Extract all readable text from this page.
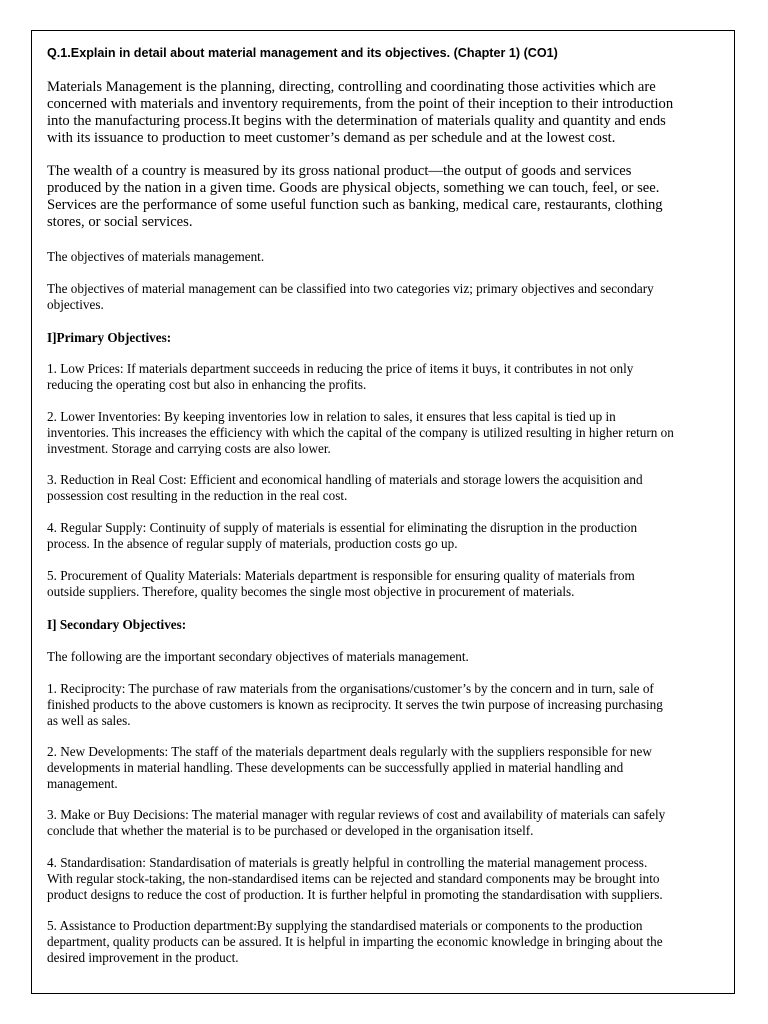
Q.1.Explain in detail about material management and its objectives. (Chapter 1) (CO1)

Materials Management is the planning, directing, controlling and coordinating those activities which are
concerned with materials and inventory requirements, from the point of their inception to their introduction
into the manufacturing process.It begins with the determination of materials quality and quantity and ends
with its issuance to production to meet customer’s demand as per schedule and at the lowest cost.

The wealth of a country is measured by its gross national product—the output of goods and services
produced by the nation in a given time. Goods are physical objects, something we can touch, feel, or see.
Services are the performance of some useful function such as banking, medical care, restaurants, clothing
stores, or social services.

The objectives of materials management.

The objectives of material management can be classified into two categories viz; primary objectives and secondary
objectives.

I]Primary Objectives:

1. Low Prices: If materials department succeeds in reducing the price of items it buys, it contributes in not only
reducing the operating cost but also in enhancing the profits.

2. Lower Inventories: By keeping inventories low in relation to sales, it ensures that less capital is tied up in
inventories. This increases the efficiency with which the capital of the company is utilized resulting in higher return on
investment. Storage and carrying costs are also lower.

3. Reduction in Real Cost: Efficient and economical handling of materials and storage lowers the acquisition and
possession cost resulting in the reduction in the real cost.

4. Regular Supply: Continuity of supply of materials is essential for eliminating the disruption in the production
process. In the absence of regular supply of materials, production costs go up.

5. Procurement of Quality Materials: Materials department is responsible for ensuring quality of materials from
outside suppliers. Therefore, quality becomes the single most objective in procurement of materials.

I] Secondary Objectives:

The following are the important secondary objectives of materials management.

1. Reciprocity: The purchase of raw materials from the organisations/customer’s by the concern and in turn, sale of
finished products to the above customers is known as reciprocity. It serves the twin purpose of increasing purchasing
as well as sales.

2. New Developments: The staff of the materials department deals regularly with the suppliers responsible for new
developments in material handling. These developments can be successfully applied in material handling and
management.

3. Make or Buy Decisions: The material manager with regular reviews of cost and availability of materials can safely
conclude that whether the material is to be purchased or developed in the organisation itself.

4. Standardisation: Standardisation of materials is greatly helpful in controlling the material management process.
With regular stock-taking, the non-standardised items can be rejected and standard components may be brought into
product designs to reduce the cost of production. It is further helpful in promoting the standardisation with suppliers.

5. Assistance to Production department:By supplying the standardised materials or components to the production
department, quality products can be assured. It is helpful in imparting the economic knowledge in bringing about the
desired improvement in the product.
